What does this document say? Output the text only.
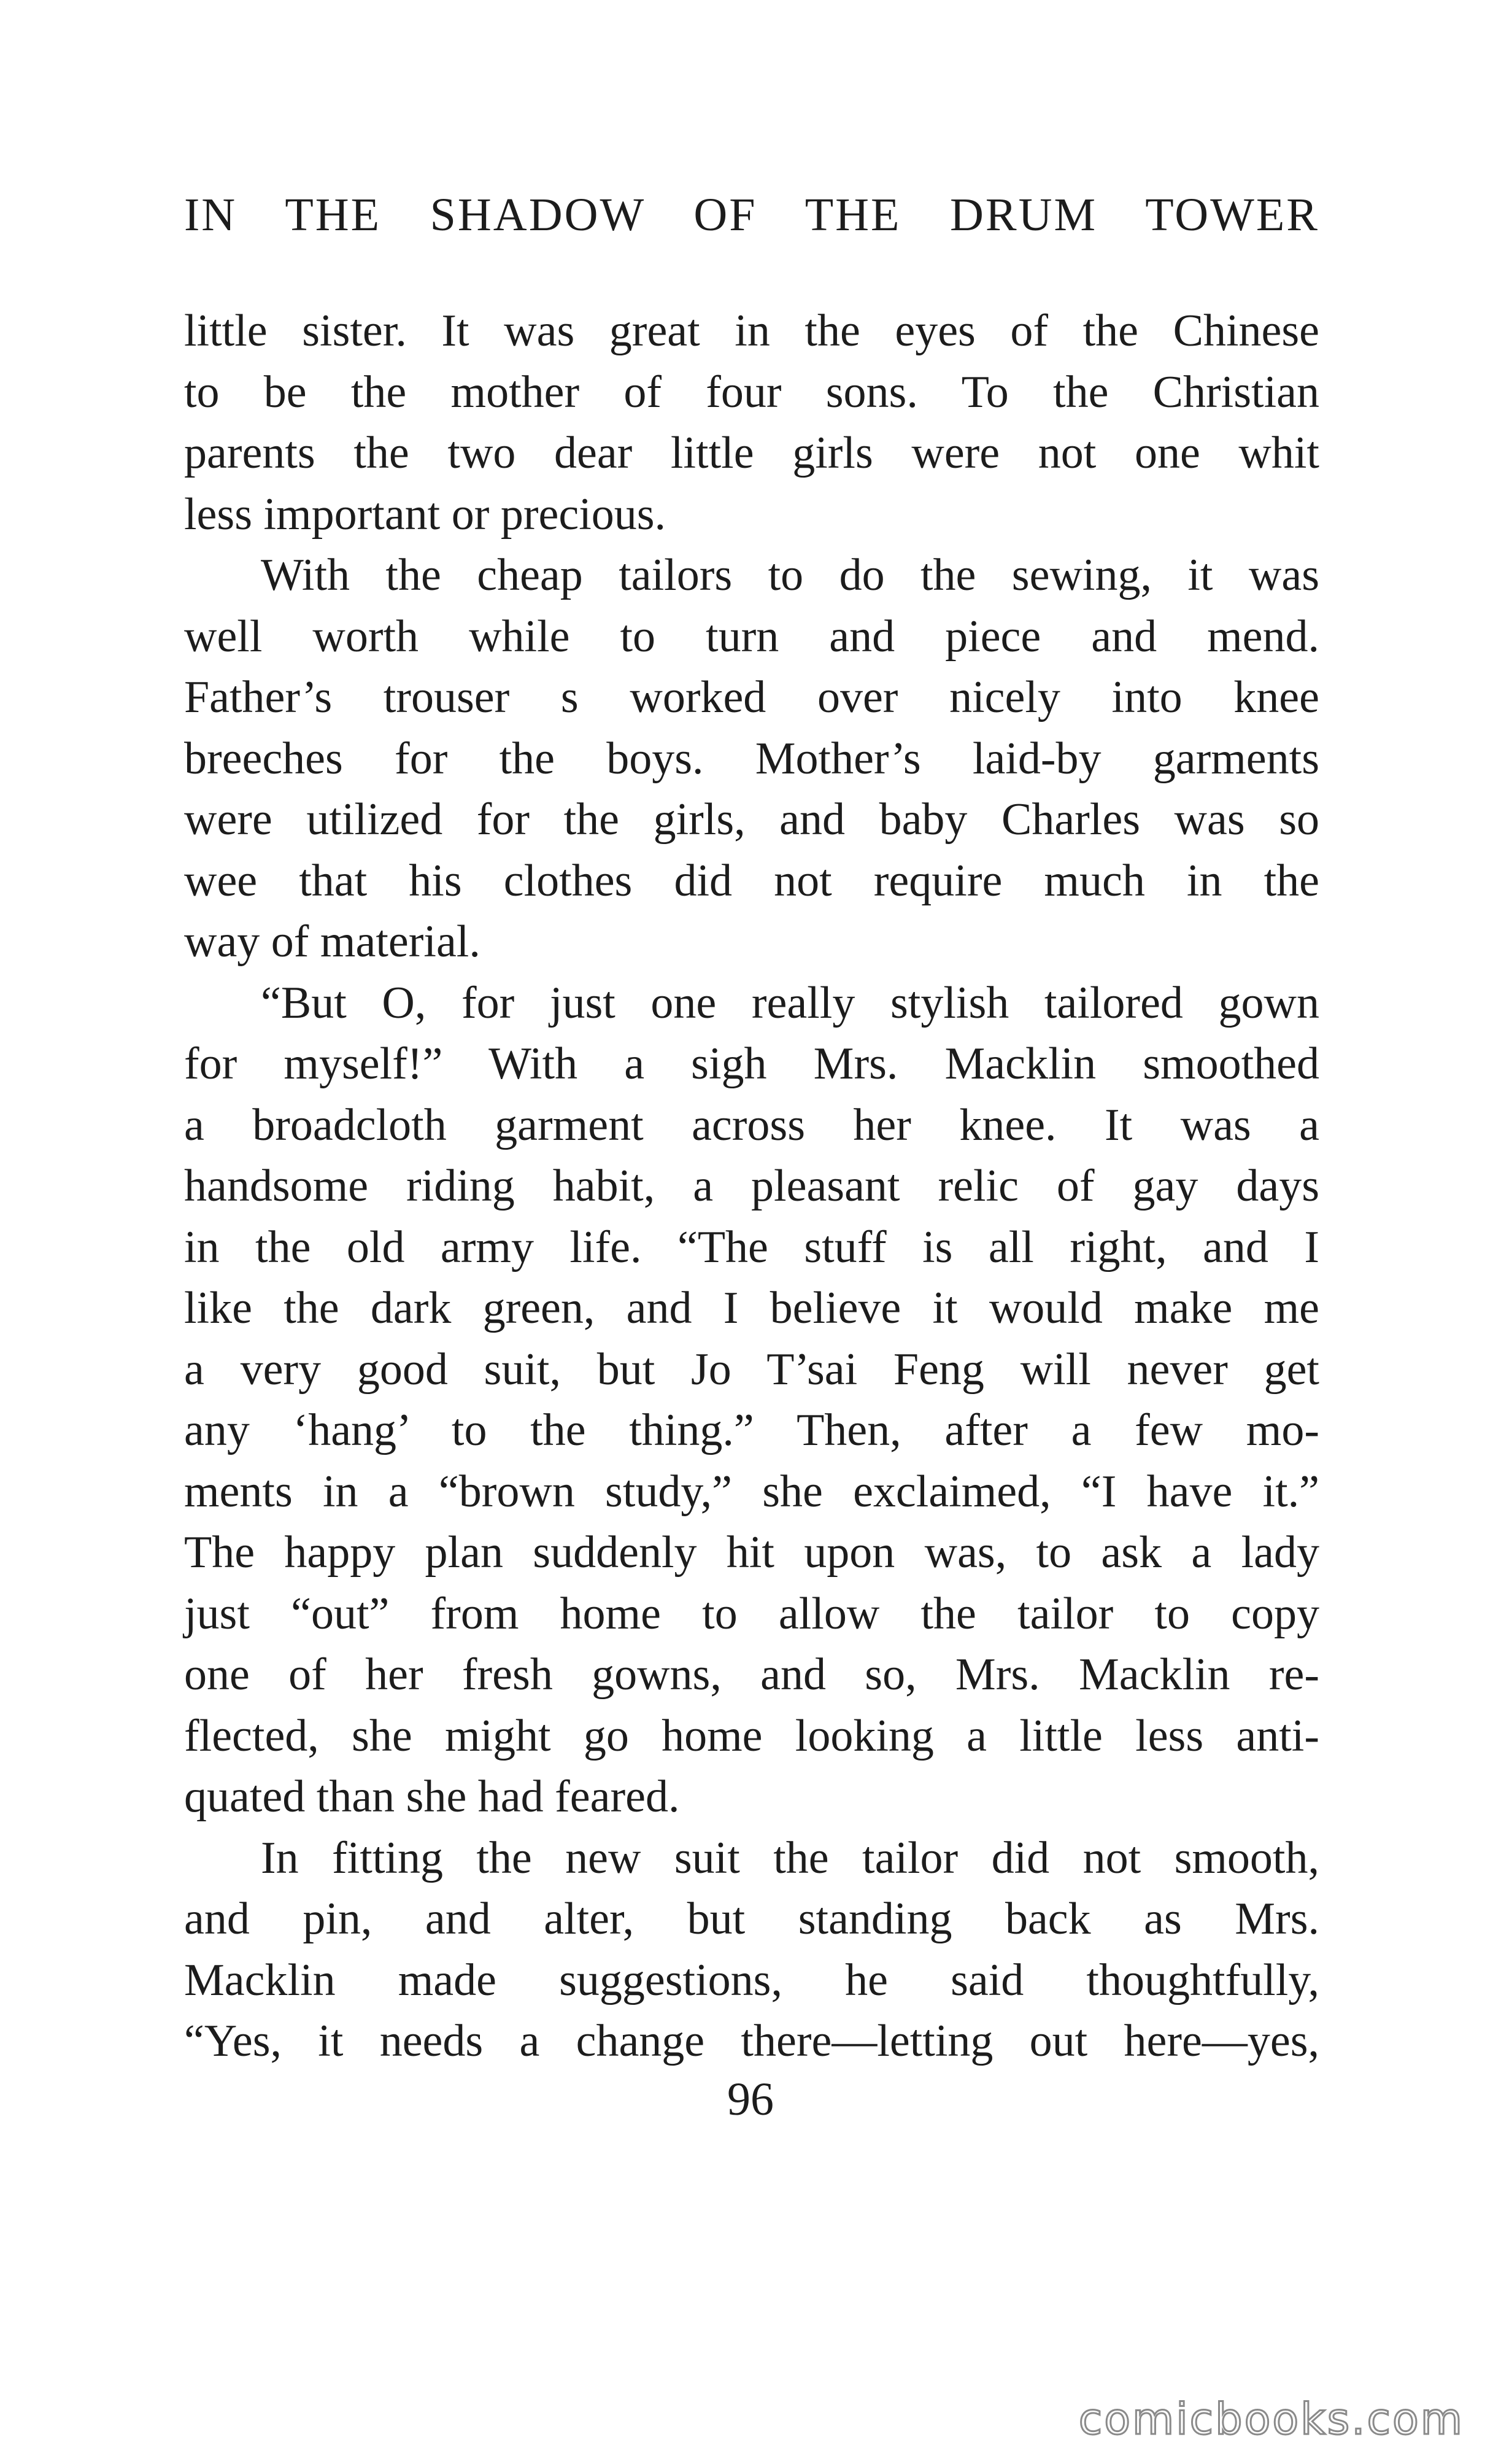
IN THE SHADOW OF THE DRUM TOWER
little sister. It was great in the eyes of the Chinese
to be the mother of four sons. To the Christian
parents the two dear little girls were not one whit
less important or precious.
With the cheap tailors to do the sewing, it was
well worth while to turn and piece and mend.
Father’s trouser s worked over nicely into knee
breeches for the boys. Mother’s laid-by garments
were utilized for the girls, and baby Charles was so
wee that his clothes did not require much in the
way of material.
“But O, for just one really stylish tailored gown
for myself!” With a sigh Mrs. Macklin smoothed
a broadcloth garment across her knee. It was a
handsome riding habit, a pleasant relic of gay days
in the old army life. “The stuff is all right, and I
like the dark green, and I believe it would make me
a very good suit, but Jo T’sai Feng will never get
any ‘hang’ to the thing.” Then, after a few mo-
ments in a “brown study,” she exclaimed, “I have it.”
The happy plan suddenly hit upon was, to ask a lady
just “out” from home to allow the tailor to copy
one of her fresh gowns, and so, Mrs. Macklin re-
flected, she might go home looking a little less anti-
quated than she had feared.
In fitting the new suit the tailor did not smooth,
and pin, and alter, but standing back as Mrs.
Macklin made suggestions, he said thoughtfully,
“Yes, it needs a change there—letting out here—yes,
96
comicbooks.com
